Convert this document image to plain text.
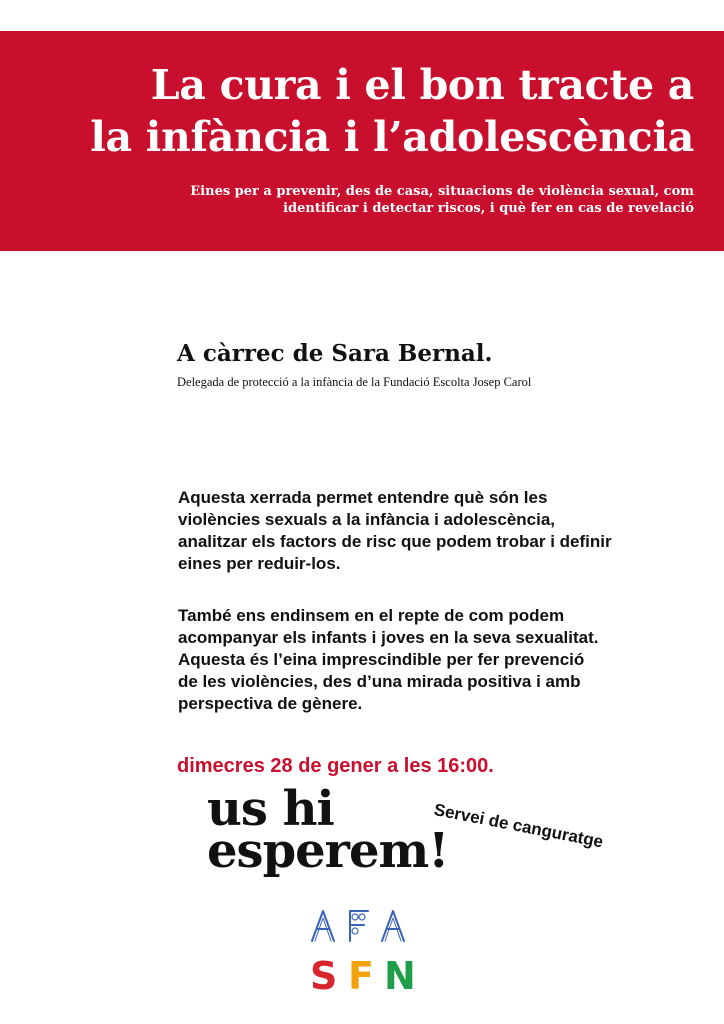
La cura i el bon tracte a
la infància i l’adolescència

Eines per a prevenir, des de casa, situacions de violència sexual, com
identificar i detectar riscos, i què fer en cas de revelació

A càrrec de Sara Bernal.

Delegada de protecció a la infància de la Fundació Escolta Josep Carol

Aquesta xerrada permet entendre què són les
violències sexuals a la infància i adolescència,
analitzar els factors de risc que podem trobar i definir
eines per reduir-los.

També ens endinsem en el repte de com podem
acompanyar els infants i joves en la seva sexualitat.
Aquesta és l’eina imprescindible per fer prevenció
de les violències, des d’una mirada positiva i amb
perspectiva de gènere.

dimecres 28 de gener a les 16:00.

us hi
esperem!

Servei de canguratge

S F N
